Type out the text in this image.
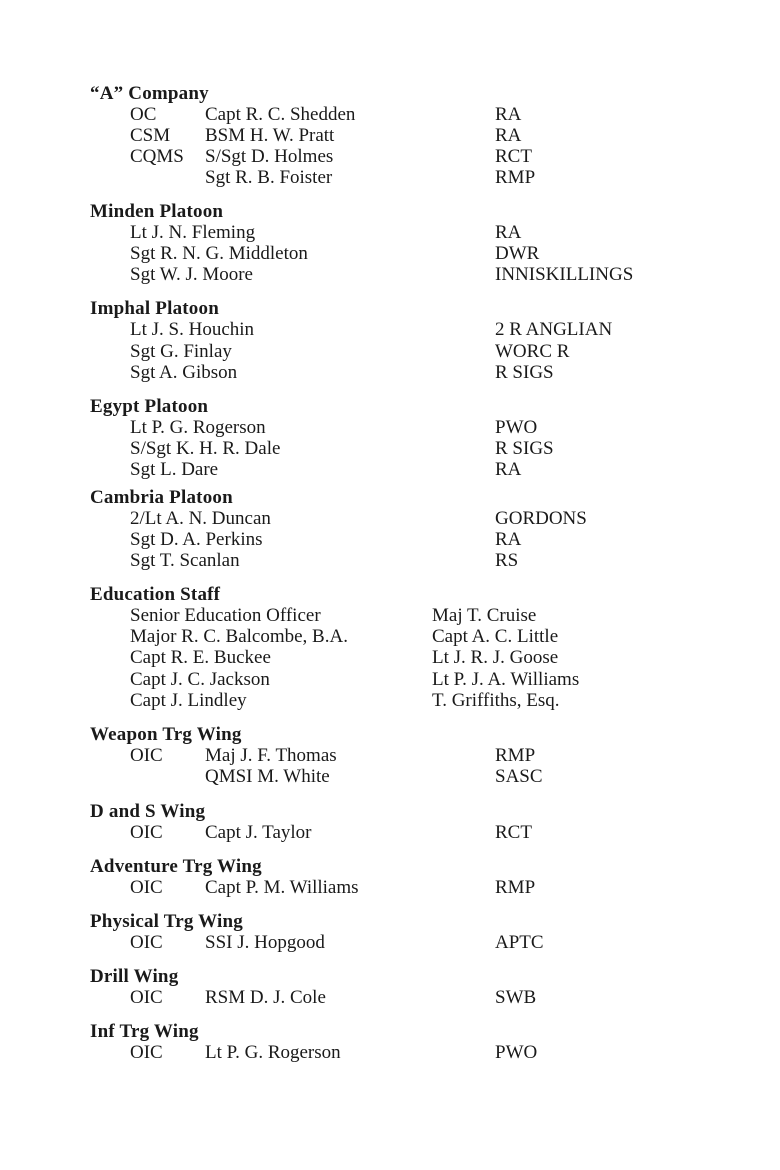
“A” Company
OC	Capt R. C. Shedden	RA
CSM BSM H. W. Pratt	RA
CQMS S/Sgt D. Holmes	RCT
Sgt R. B. Foister	RMP
Minden Platoon
Lt J. N. Fleming	RA
Sgt R. N. G. Middleton	DWR
Sgt W. J. Moore	INNISKILLINGS
Imphal Platoon
Lt J. S. Houchin	2 R ANGLIAN
Sgt G. Finlay	WORC R
Sgt A. Gibson	R SIGS
Egypt Platoon
Lt P. G. Rogerson	PWO
S/Sgt K. H. R. Dale	R SIGS
Sgt L. Dare	RA
Cambria Platoon
2/Lt A. N. Duncan	GORDONS
Sgt D. A. Perkins	RA
Sgt T. Scanlan	RS
Education Staff
Senior Education Officer	Maj T. Cruise
Major R. C. Balcombe, B.A.	Capt A. C. Little
Capt R. E. Buckee	Lt J. R. J. Goose
Capt J. C. Jackson	Lt P. J. A. Williams
Capt J. Lindley	T. Griffiths, Esq.
Weapon Trg Wing
OIC Maj J. F. Thomas	RMP
QMSI M. White	SASC
D and S Wing
OIC Capt J. Taylor	RCT
Adventure Trg Wing
OIC Capt P. M. Williams	RMP
Physical Trg Wing
OIC SSI J. Hopgood	APTC
Drill Wing
OIC RSM D. J. Cole	SWB
Inf Trg Wing
OIC Lt P. G. Rogerson	PWO
